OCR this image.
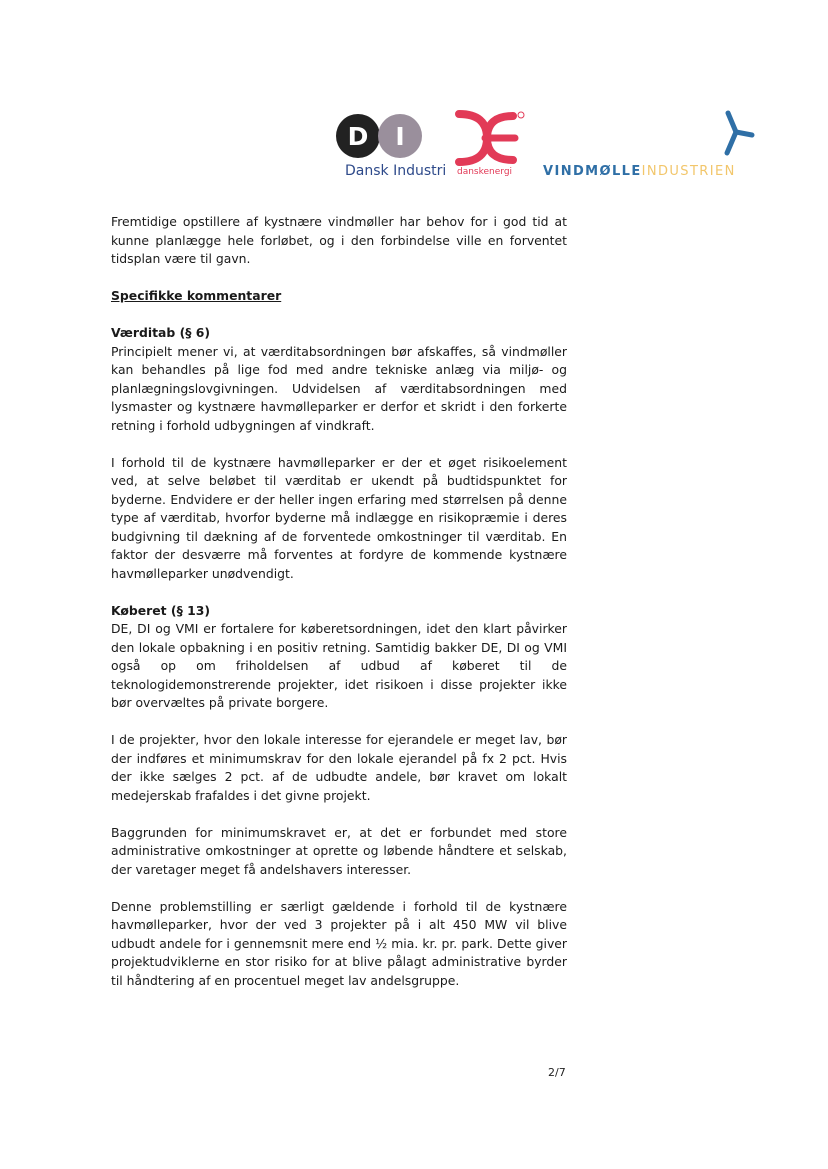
D	I
Dansk Industri danskenergi VINDMØLLEINDUSTRIEN

Fremtidige opstillere af kystnære vindmøller har behov for i god tid at kunne planlægge hele forløbet, og i den forbindelse ville en forventet tidsplan være til gavn.

Specifikke kommentarer
Værditab (§ 6)

Principielt mener vi, at værditabsordningen bør afskaffes, så vindmøller kan behandles på lige fod med andre tekniske anlæg via miljø- og planlægningslovgivningen. Udvidelsen af værditabsordningen med lysmaster og kystnære havmølleparker er derfor et skridt i den forkerte retning i forhold udbygningen af vindkraft.

I forhold til de kystnære havmølleparker er der et øget risikoelement ved, at selve beløbet til værditab er ukendt på budtidspunktet for byderne. Endvidere er der heller ingen erfaring med størrelsen på denne type af værditab, hvorfor byderne må indlægge en risikopræmie i deres budgivning til dækning af de forventede omkostninger til værditab. En faktor der desværre må forventes at fordyre de kommende kystnære havmølleparker unødvendigt.

Køberet (§ 13)

DE, DI og VMI er fortalere for køberetsordningen, idet den klart påvirker den lokale opbakning i en positiv retning. Samtidig bakker DE, DI og VMI også op om friholdelsen af udbud af køberet til de teknologidemonstrerende projekter, idet risikoen i disse projekter ikke bør overvæltes på private borgere.

I de projekter, hvor den lokale interesse for ejerandele er meget lav, bør der indføres et minimumskrav for den lokale ejerandel på fx 2 pct. Hvis der ikke sælges 2 pct. af de udbudte andele, bør kravet om lokalt medejerskab frafaldes i det givne projekt.

Baggrunden for minimumskravet er, at det er forbundet med store administrative omkostninger at oprette og løbende håndtere et selskab, der varetager meget få andelshavers interesser.

Denne problemstilling er særligt gældende i forhold til de kystnære havmølleparker, hvor der ved 3 projekter på i alt 450 MW vil blive udbudt andele for i gennemsnit mere end ½ mia. kr. pr. park. Dette giver projektudviklerne en stor risiko for at blive pålagt administrative byrder til håndtering af en procentuel meget lav andelsgruppe.

2/7
